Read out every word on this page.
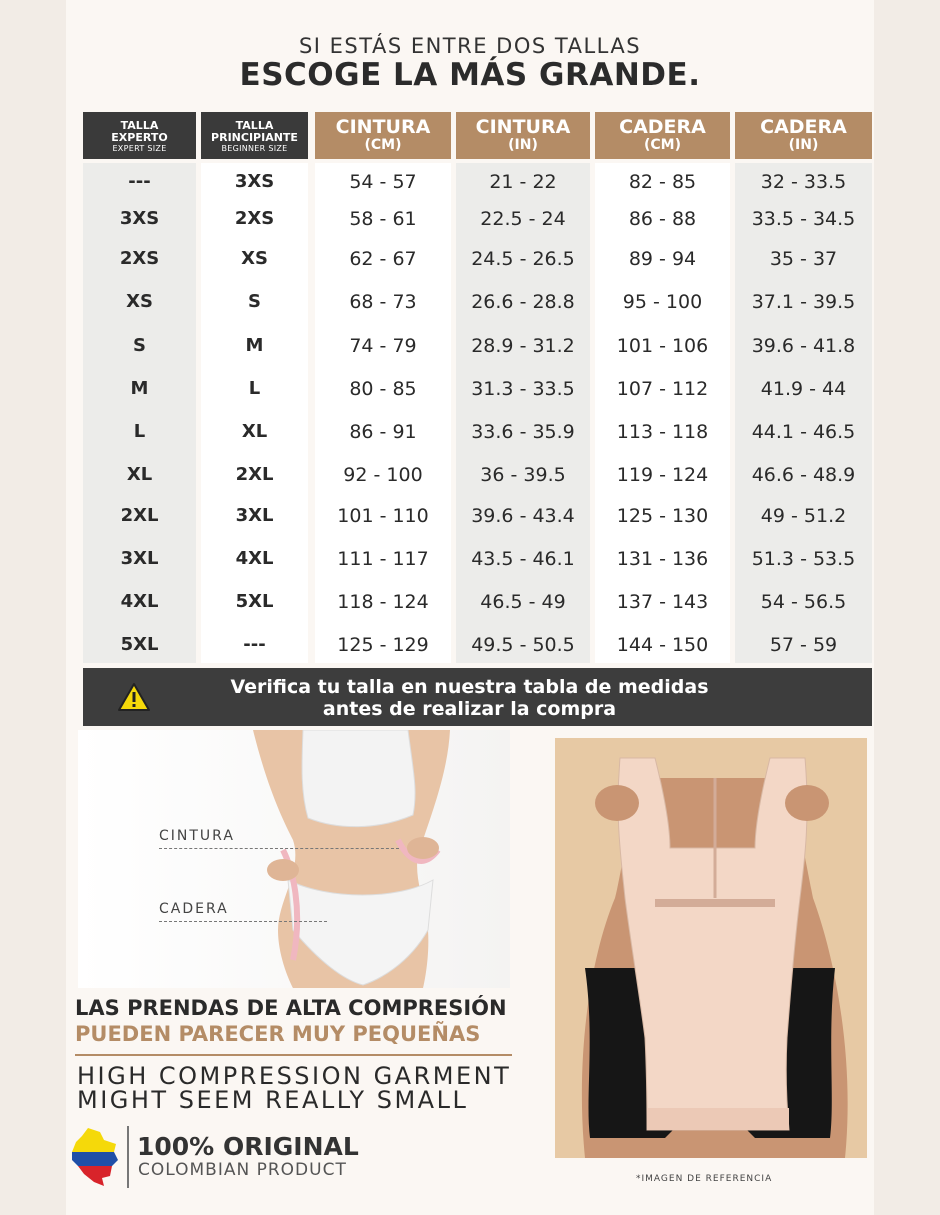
SI ESTÁS ENTRE DOS TALLAS
ESCOGE LA MÁS GRANDE.
TALLA
EXPERTO
EXPERT SIZE
TALLA
PRINCIPIANTE
BEGINNER SIZE
CINTURA
(CM)
CINTURA
(IN)
CADERA
(CM)
CADERA
(IN)
---
3XS
2XS
XS
S
M
L
XL
2XL
3XL
4XL
5XL
3XS
2XS
XS
S
M
L
XL
2XL
3XL
4XL
5XL
---
54 - 57
58 - 61
62 - 67
68 - 73
74 - 79
80 - 85
86 - 91
92 - 100
101 - 110
111 - 117
118 - 124
125 - 129
21 - 22
22.5 - 24
24.5 - 26.5
26.6 - 28.8
28.9 - 31.2
31.3 - 33.5
33.6 - 35.9
36 - 39.5
39.6 - 43.4
43.5 - 46.1
46.5 - 49
49.5 - 50.5
82 - 85
86 - 88
89 - 94
95 - 100
101 - 106
107 - 112
113 - 118
119 - 124
125 - 130
131 - 136
137 - 143
144 - 150
32 - 33.5
33.5 - 34.5
35 - 37
37.1 - 39.5
39.6 - 41.8
41.9 - 44
44.1 - 46.5
46.6 - 48.9
49 - 51.2
51.3 - 53.5
54 - 56.5
57 - 59
Verifica tu talla en nuestra tabla de medidas
antes de realizar la compra
CINTURA
CADERA
LAS PRENDAS DE ALTA COMPRESIÓN
PUEDEN PARECER MUY PEQUEÑAS
HIGH COMPRESSION GARMENT
MIGHT SEEM REALLY SMALL
100% ORIGINAL
COLOMBIAN PRODUCT	*IMAGEN DE REFERENCIA
